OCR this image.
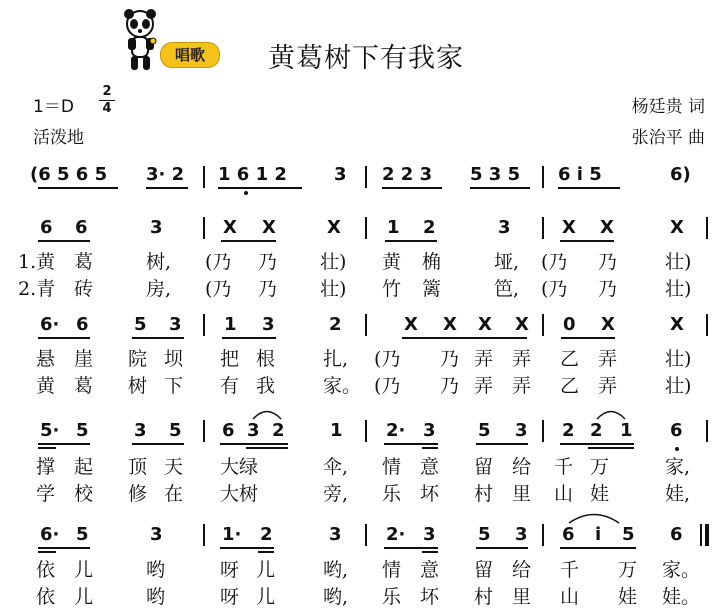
唱歌	黄葛树下有我家
1＝D
2
4
活泼地
杨廷贵 词
张治平 曲
(6 5 6 5 3· 2 1 6 1 2	3 2 2 3 5 3 5 6 i 5	6)
6 6	3	X X	X	1 2	3	X X	X
1.黄 葛	树, (乃 乃 壮) 黄 桷	垭, (乃 乃	壮)
2.青 砖	房, (乃 乃 壮) 竹 篱	笆, (乃 乃	壮)
6· 6	5 3 1 3	2	X X X X 0 X	X
悬 崖 院 坝 把 根	扎, (乃 乃 弄 弄 乙 弄	壮)
黄 葛 树 下 有 我	家。 (乃 乃 弄 弄 乙 弄	壮)
5· 5	3 5 6 3 2	1 2· 3 5 3 2 2 1 6
撑 起 顶 天 大绿	伞, 情 意 留 给 千 万	家,
学 校 修 在 大树	旁, 乐 坏 村 里 山 娃	娃,
6· 5	3	1· 2	3 2· 3 5 3 6 i 5 6
依 儿	哟	呀 儿	哟, 情 意 留 给 千 万 家。
依 儿	哟	呀 儿	哟, 乐 坏 村 里 山 娃 娃。
